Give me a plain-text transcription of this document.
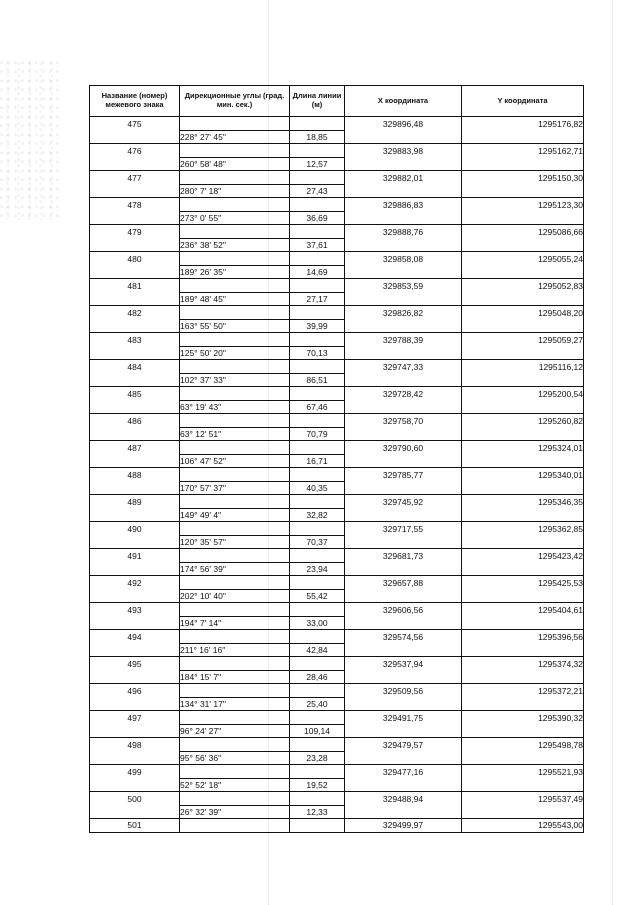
Название (номер) межевого знака	Дирекционные углы (град. мин. сек.)	Длина линии (м)	X координата	Y координата
475			329896,48	1295176,82
	228° 27' 45"	18,85		
476			329883,98	1295162,71
	260° 58' 48"	12,57		
477			329882,01	1295150,30
	280° 7' 18"	27,43		
478			329886,83	1295123,30
	273° 0' 55"	36,69		
479			329888,76	1295086,66
	236° 38' 52"	37,61		
480			329858,08	1295055,24
	189° 26' 35"	14,69		
481			329853,59	1295052,83
	189° 48' 45"	27,17		
482			329826,82	1295048,20
	163° 55' 50"	39,99		
483			329788,39	1295059,27
	125° 50' 20"	70,13		
484			329747,33	1295116,12
	102° 37' 33"	86,51		
485			329728,42	1295200,54
	63° 19' 43"	67,46		
486			329758,70	1295260,82
	63° 12' 51"	70,79		
487			329790,60	1295324,01
	106° 47' 52"	16,71		
488			329785,77	1295340,01
	170° 57' 37"	40,35		
489			329745,92	1295346,35
	149° 49' 4"	32,82		
490			329717,55	1295362,85
	120° 35' 57"	70,37		
491			329681,73	1295423,42
	174° 56' 39"	23,94		
492			329657,88	1295425,53
	202° 10' 40"	55,42		
493			329606,56	1295404,61
	194° 7' 14"	33,00		
494			329574,56	1295396,56
	211° 16' 16"	42,84		
495			329537,94	1295374,32
	184° 15' 7"	28,46		
496			329509,56	1295372,21
	134° 31' 17"	25,40		
497			329491,75	1295390,32
	96° 24' 27"	109,14		
498			329479,57	1295498,78
	95° 56' 36"	23,28		
499			329477,16	1295521,93
	52° 52' 18"	19,52		
500			329488,94	1295537,49
	26° 32' 39"	12,33		
501			329499,97	1295543,00
